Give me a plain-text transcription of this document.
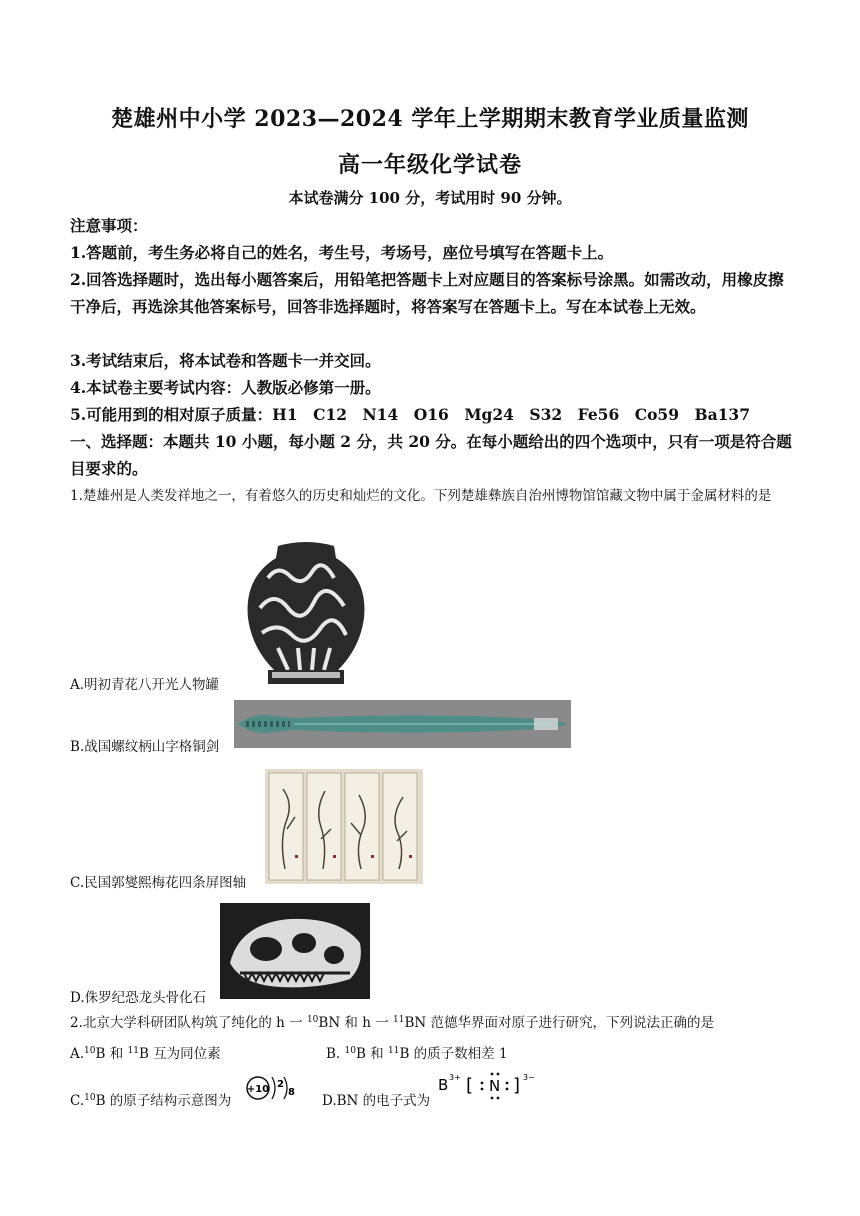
楚雄州中小学 2023—2024 学年上学期期末教育学业质量监测
高一年级化学试卷
本试卷满分 100 分，考试用时 90 分钟。
注意事项：
1.答题前，考生务必将自己的姓名，考生号，考场号，座位号填写在答题卡上。
2.回答选择题时，选出每小题答案后，用铅笔把答题卡上对应题目的答案标号涂黑。如需改动，用橡皮擦干净后，再选涂其他答案标号，回答非选择题时，将答案写在答题卡上。写在本试卷上无效。
3.考试结束后，将本试卷和答题卡一并交回。
4.本试卷主要考试内容：人教版必修第一册。
5.可能用到的相对原子质量：H1　C12　N14　O16　Mg24　S32　Fe56　Co59　Ba137
一、选择题：本题共 10 小题，每小题 2 分，共 20 分。在每小题给出的四个选项中，只有一项是符合题目要求的。
1.楚雄州是人类发祥地之一，有着悠久的历史和灿烂的文化。下列楚雄彝族自治州博物馆馆藏文物中属于金属材料的是
A.明初青花八开光人物罐
B.战国螺纹柄山字格铜剑
C.民国郭燮熙梅花四条屏图轴
D.侏罗纪恐龙头骨化石
2.北京大学科研团队构筑了纯化的 h 一 $^{10}$BN 和 h 一 $^{11}$BN 范德华界面对原子进行研究，下列说法正确的是
A.$^{10}$B 和 $^{11}$B 互为同位素	B. $^{10}$B 和 $^{11}$B 的质子数相差 1
C.$^{10}$B 的原子结构示意图为
+10 2
8
D.BN 的电子式为
B 3+ [ N ] 3−
